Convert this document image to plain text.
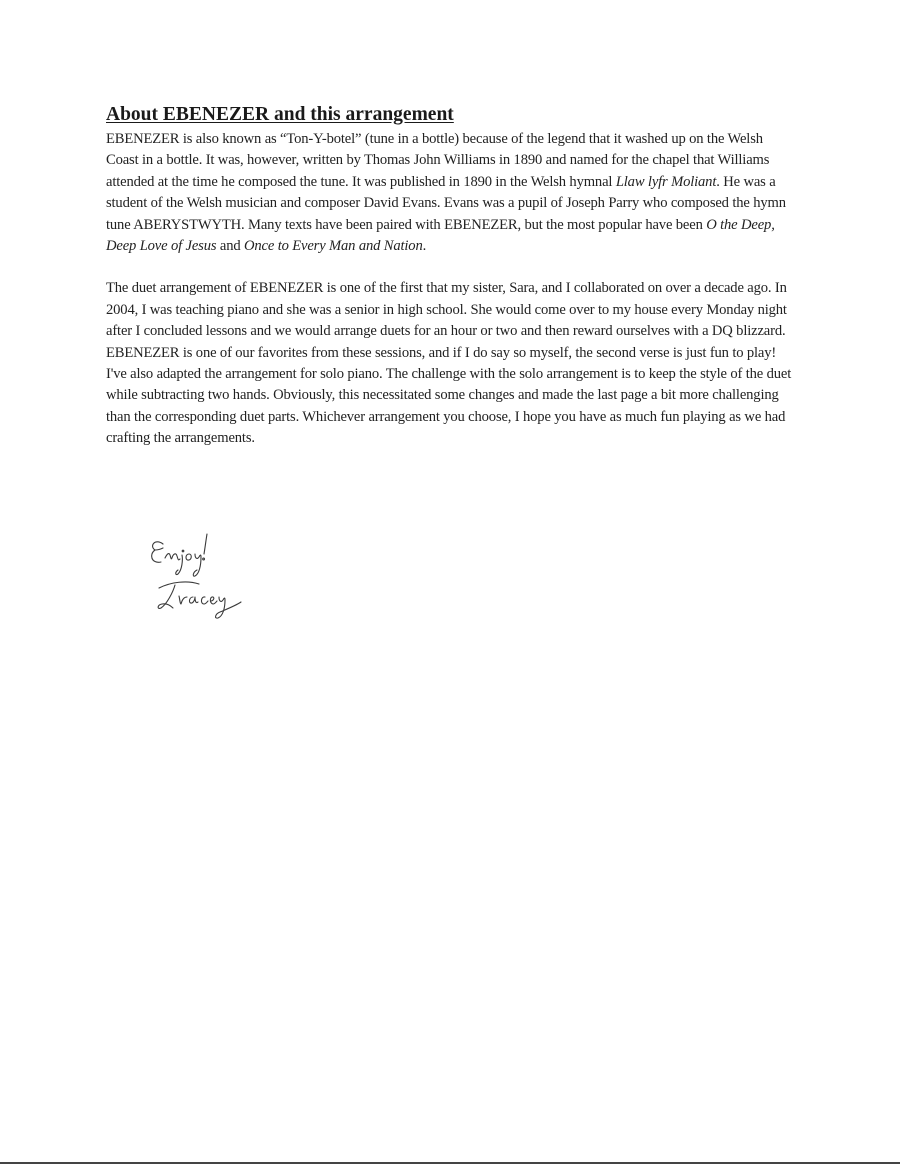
About EBENEZER and this arrangement

EBENEZER is also known as “Ton-Y-botel” (tune in a bottle) because of the legend that it washed up on the Welsh Coast in a bottle. It was, however, written by Thomas John Williams in 1890 and named for the chapel that Williams attended at the time he composed the tune. It was published in 1890 in the Welsh hymnal Llaw lyfr Moliant. He was a student of the Welsh musician and composer David Evans. Evans was a pupil of Joseph Parry who composed the hymn tune ABERYSTWYTH. Many texts have been paired with EBENEZER, but the most popular have been O the Deep, Deep Love of Jesus and Once to Every Man and Nation.

The duet arrangement of EBENEZER is one of the first that my sister, Sara, and I collaborated on over a decade ago. In 2004, I was teaching piano and she was a senior in high school. She would come over to my house every Monday night after I concluded lessons and we would arrange duets for an hour or two and then reward ourselves with a DQ blizzard. EBENEZER is one of our favorites from these sessions, and if I do say so myself, the second verse is just fun to play! I've also adapted the arrangement for solo piano. The challenge with the solo arrangement is to keep the style of the duet while subtracting two hands. Obviously, this necessitated some changes and made the last page a bit more challenging than the corresponding duet parts. Whichever arrangement you choose, I hope you have as much fun playing as we had crafting the arrangements.
